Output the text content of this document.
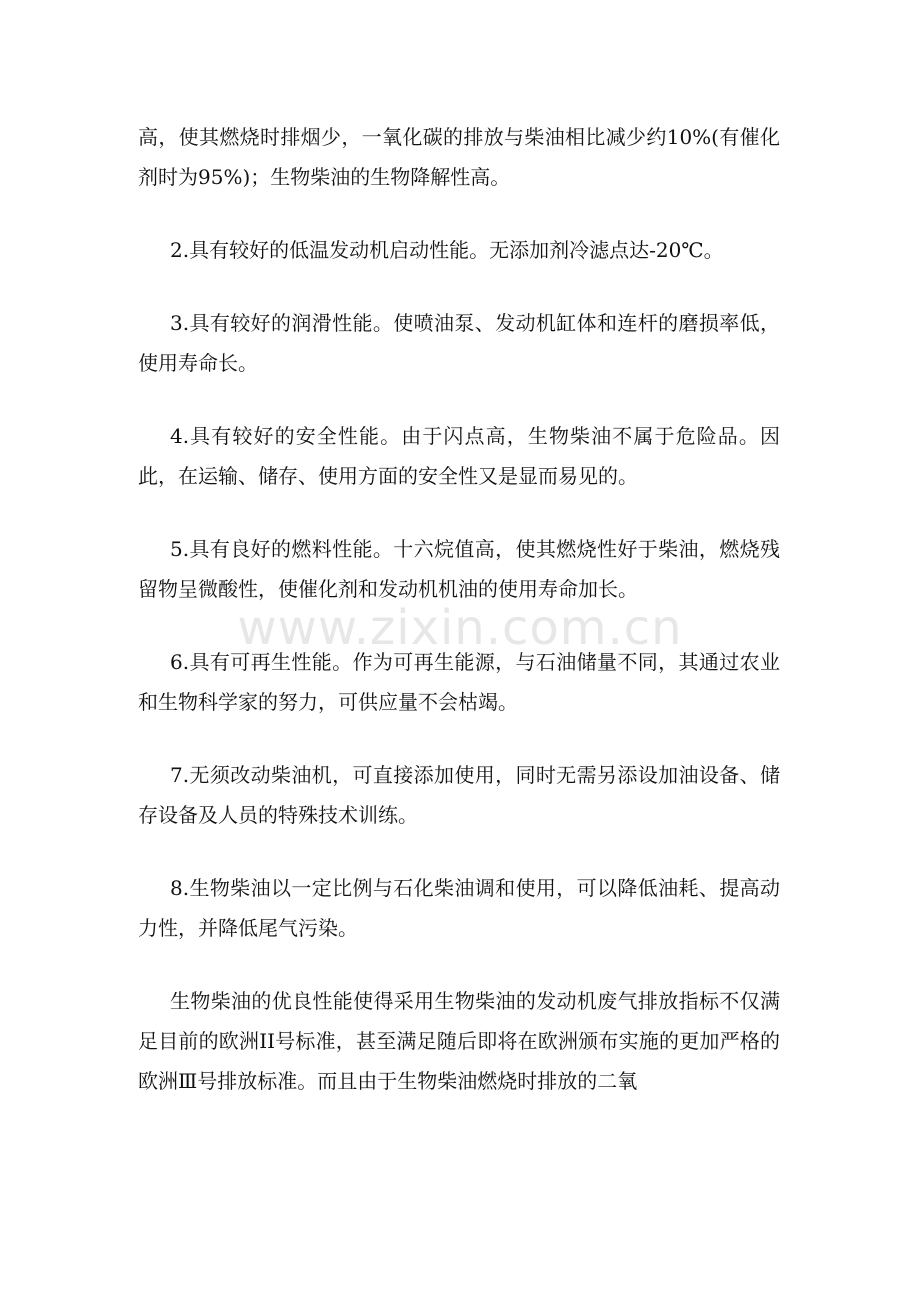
高，使其燃烧时排烟少，一氧化碳的排放与柴油相比减少约10%(有催化剂时为95%)；生物柴油的生物降解性高。

2.具有较好的低温发动机启动性能。无添加剂冷滤点达-20℃。

3.具有较好的润滑性能。使喷油泵、发动机缸体和连杆的磨损率低，使用寿命长。

4.具有较好的安全性能。由于闪点高，生物柴油不属于危险品。因此，在运输、储存、使用方面的安全性又是显而易见的。

5.具有良好的燃料性能。十六烷值高，使其燃烧性好于柴油，燃烧残留物呈微酸性，使催化剂和发动机机油的使用寿命加长。

6.具有可再生性能。作为可再生能源，与石油储量不同，其通过农业和生物科学家的努力，可供应量不会枯竭。

7.无须改动柴油机，可直接添加使用，同时无需另添设加油设备、储存设备及人员的特殊技术训练。

8.生物柴油以一定比例与石化柴油调和使用，可以降低油耗、提高动力性，并降低尾气污染。

生物柴油的优良性能使得采用生物柴油的发动机废气排放指标不仅满足目前的欧洲II号标准，甚至满足随后即将在欧洲颁布实施的更加严格的欧洲Ⅲ号排放标准。而且由于生物柴油燃烧时排放的二氧

www.zixin.com.cn
